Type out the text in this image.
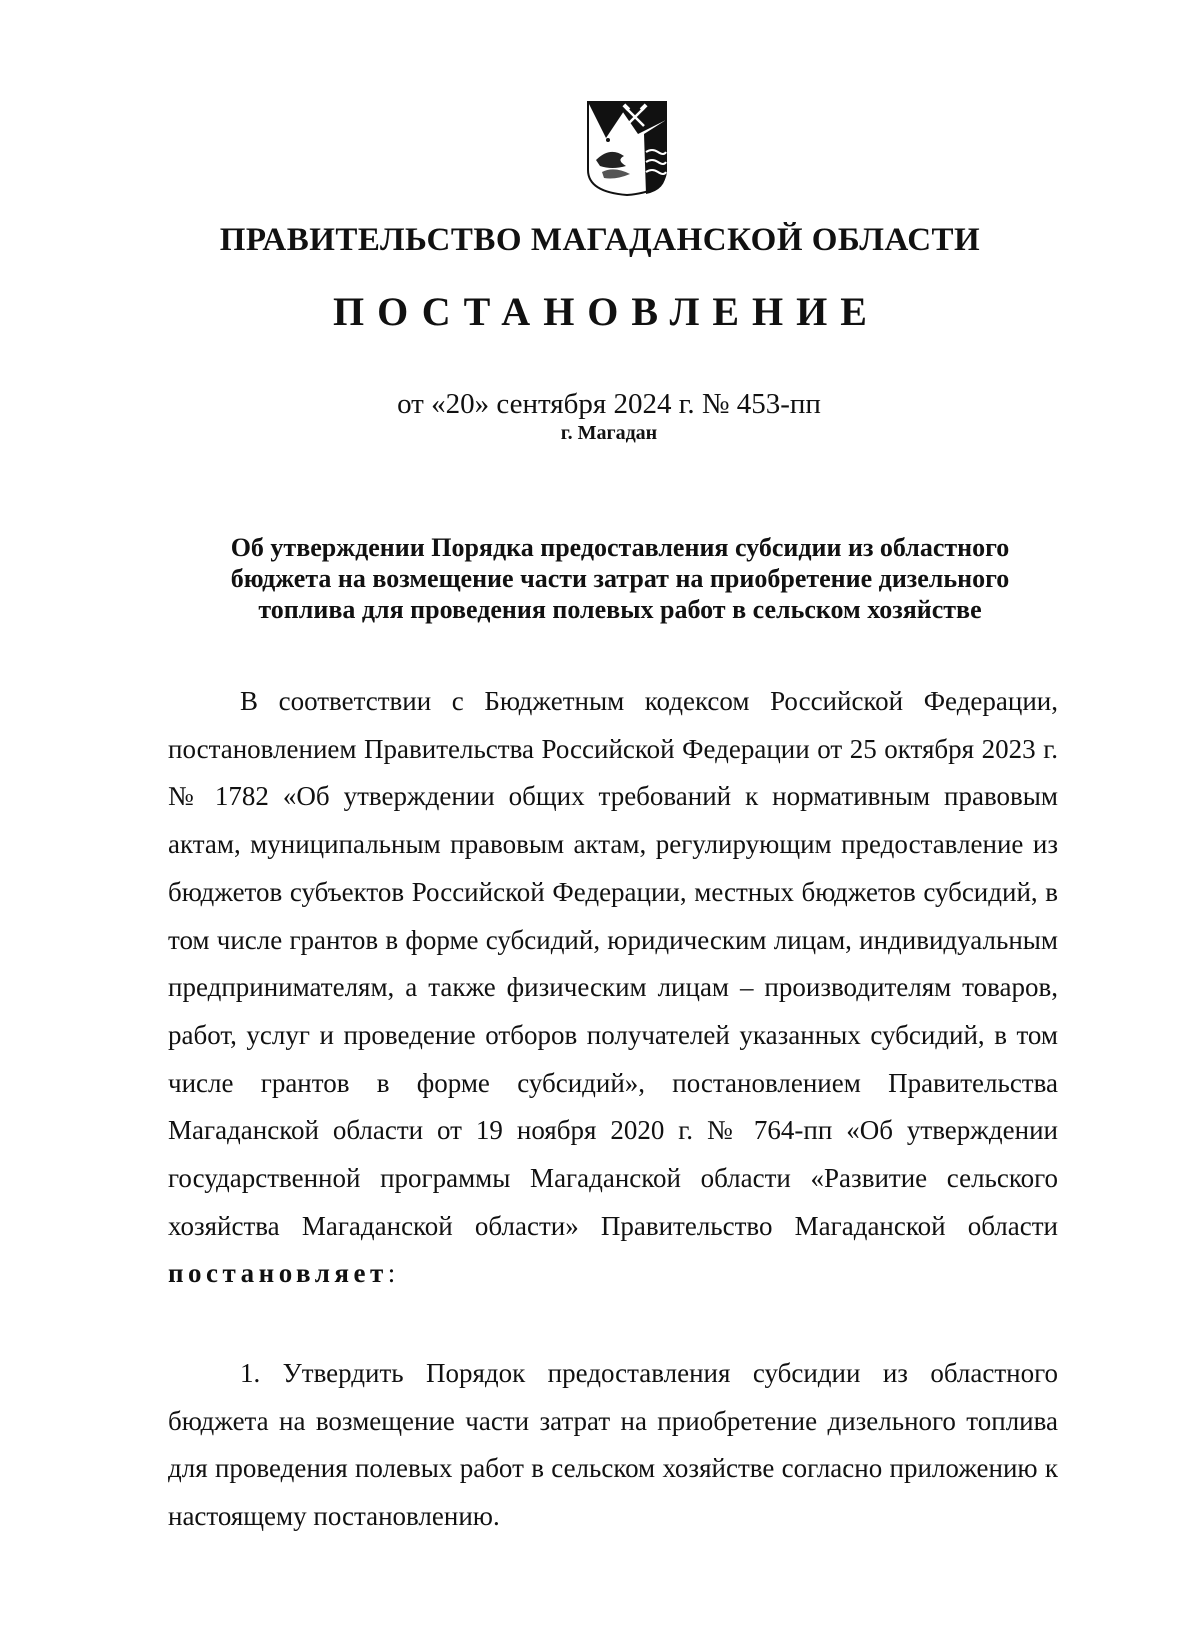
ПРАВИТЕЛЬСТВО МАГАДАНСКОЙ ОБЛАСТИ
ПОСТАНОВЛЕНИЕ
от «20» сентября 2024 г. № 453-пп
г. Магадан
Об утверждении Порядка предоставления субсидии из областного
бюджета на возмещение части затрат на приобретение дизельного
топлива для проведения полевых работ в сельском хозяйстве
В соответствии с Бюджетным кодексом Российской Федерации, постановлением Правительства Российской Федерации от 25 октября 2023 г. № 1782 «Об утверждении общих требований к нормативным правовым актам, муниципальным правовым актам, регулирующим предоставление из бюджетов субъектов Российской Федерации, местных бюджетов субсидий, в том числе грантов в форме субсидий, юридическим лицам, индивидуальным предпринимателям, а также физическим лицам – производителям товаров, работ, услуг и проведение отборов получателей указанных субсидий, в том числе грантов в форме субсидий», постановлением Правительства Магаданской области от 19 ноября 2020 г. № 764-пп «Об утверждении государственной программы Магаданской области «Развитие сельского хозяйства Магаданской области» Правительство Магаданской области постановляет:
1. Утвердить Порядок предоставления субсидии из областного бюджета на возмещение части затрат на приобретение дизельного топлива для проведения полевых работ в сельском хозяйстве согласно приложению к настоящему постановлению.
